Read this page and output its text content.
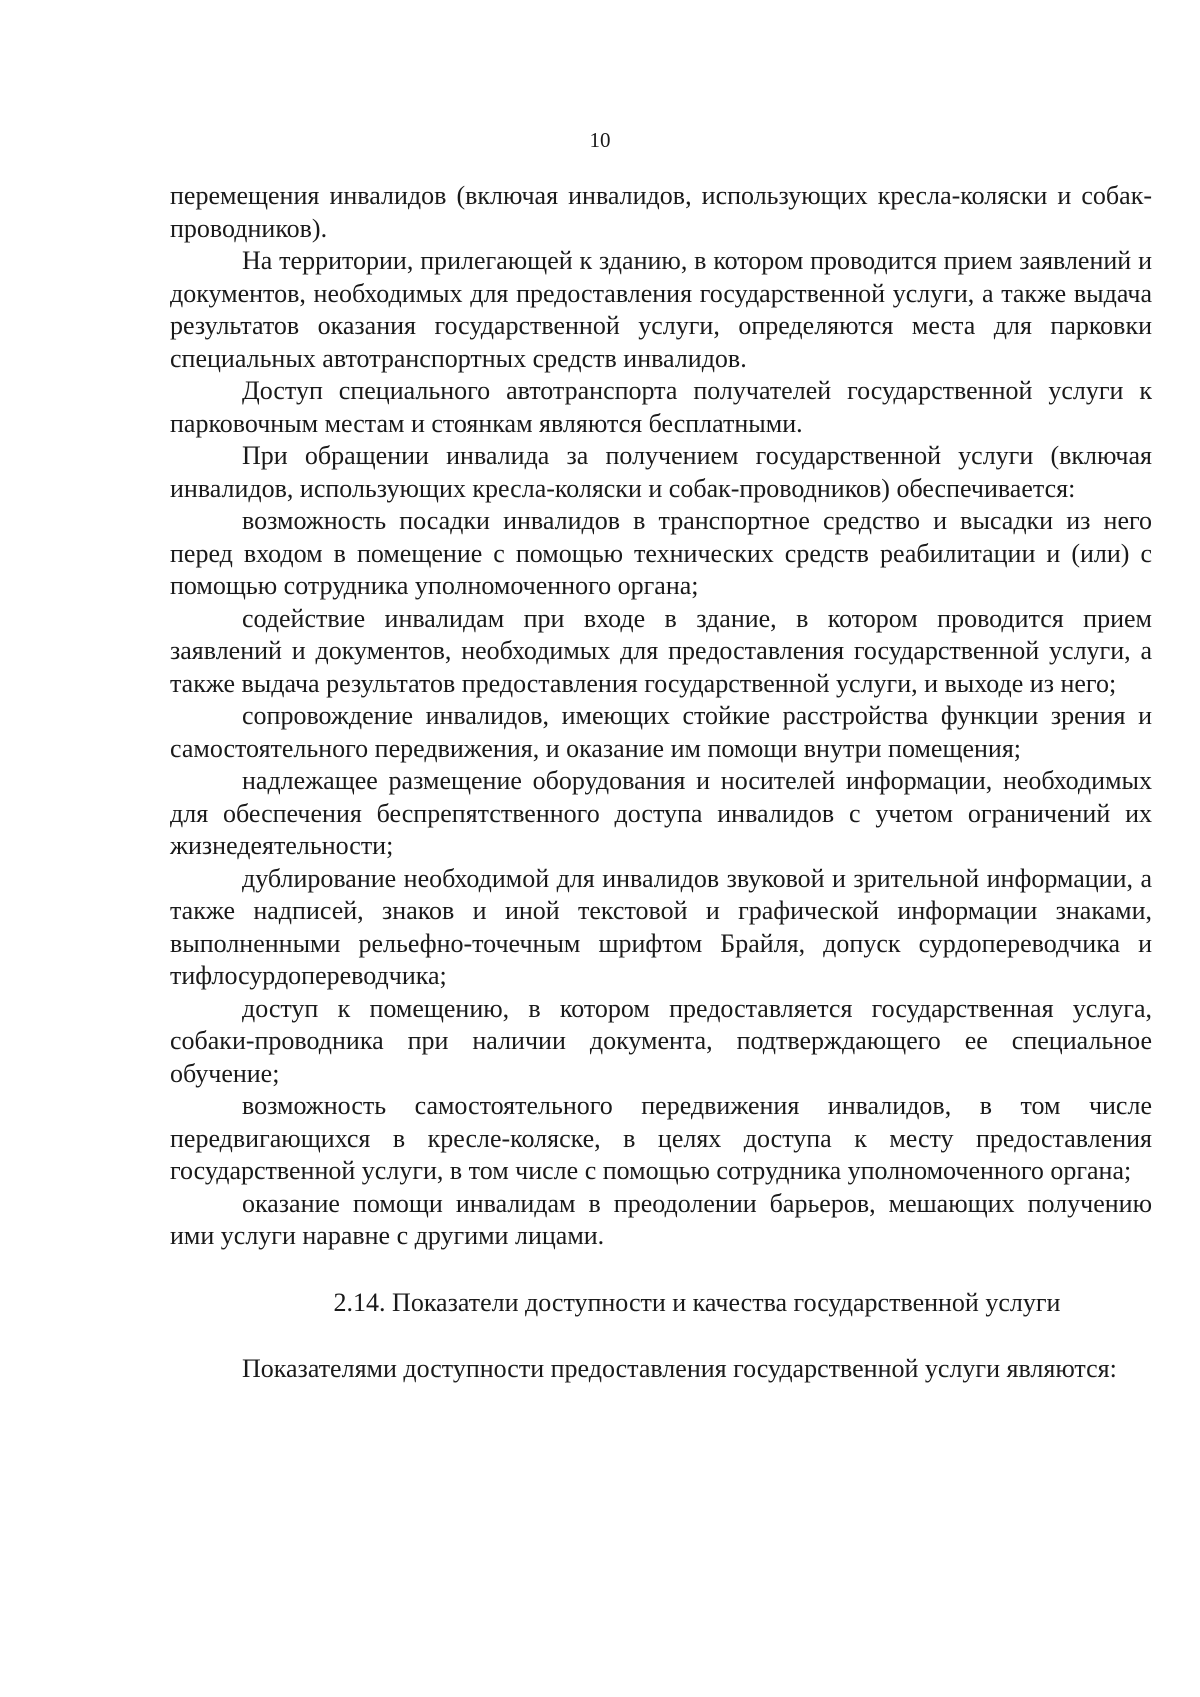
10

перемещения инвалидов (включая инвалидов, использующих кресла-коляски и собак-проводников).

На территории, прилегающей к зданию, в котором проводится прием заявлений и документов, необходимых для предоставления государственной услуги, а также выдача результатов оказания государственной услуги, определяются места для парковки специальных автотранспортных средств инвалидов.

Доступ специального автотранспорта получателей государственной услуги к парковочным местам и стоянкам являются бесплатными.

При обращении инвалида за получением государственной услуги (включая инвалидов, использующих кресла-коляски и собак-проводников) обеспечивается:

возможность посадки инвалидов в транспортное средство и высадки из него перед входом в помещение с помощью технических средств реабилитации и (или) с помощью сотрудника уполномоченного органа;

содействие инвалидам при входе в здание, в котором проводится прием заявлений и документов, необходимых для предоставления государственной услуги, а также выдача результатов предоставления государственной услуги, и выходе из него;

сопровождение инвалидов, имеющих стойкие расстройства функции зрения и самостоятельного передвижения, и оказание им помощи внутри помещения;

надлежащее размещение оборудования и носителей информации, необходимых для обеспечения беспрепятственного доступа инвалидов с учетом ограничений их жизнедеятельности;

дублирование необходимой для инвалидов звуковой и зрительной информации, а также надписей, знаков и иной текстовой и графической информации знаками, выполненными рельефно-точечным шрифтом Брайля, допуск сурдопереводчика и тифлосурдопереводчика;

доступ к помещению, в котором предоставляется государственная услуга, собаки-проводника при наличии документа, подтверждающего ее специальное обучение;

возможность самостоятельного передвижения инвалидов, в том числе передвигающихся в кресле-коляске, в целях доступа к месту предоставления государственной услуги, в том числе с помощью сотрудника уполномоченного органа;

оказание помощи инвалидам в преодолении барьеров, мешающих получению ими услуги наравне с другими лицами.

2.14. Показатели доступности и качества государственной услуги

Показателями доступности предоставления государственной услуги являются:
